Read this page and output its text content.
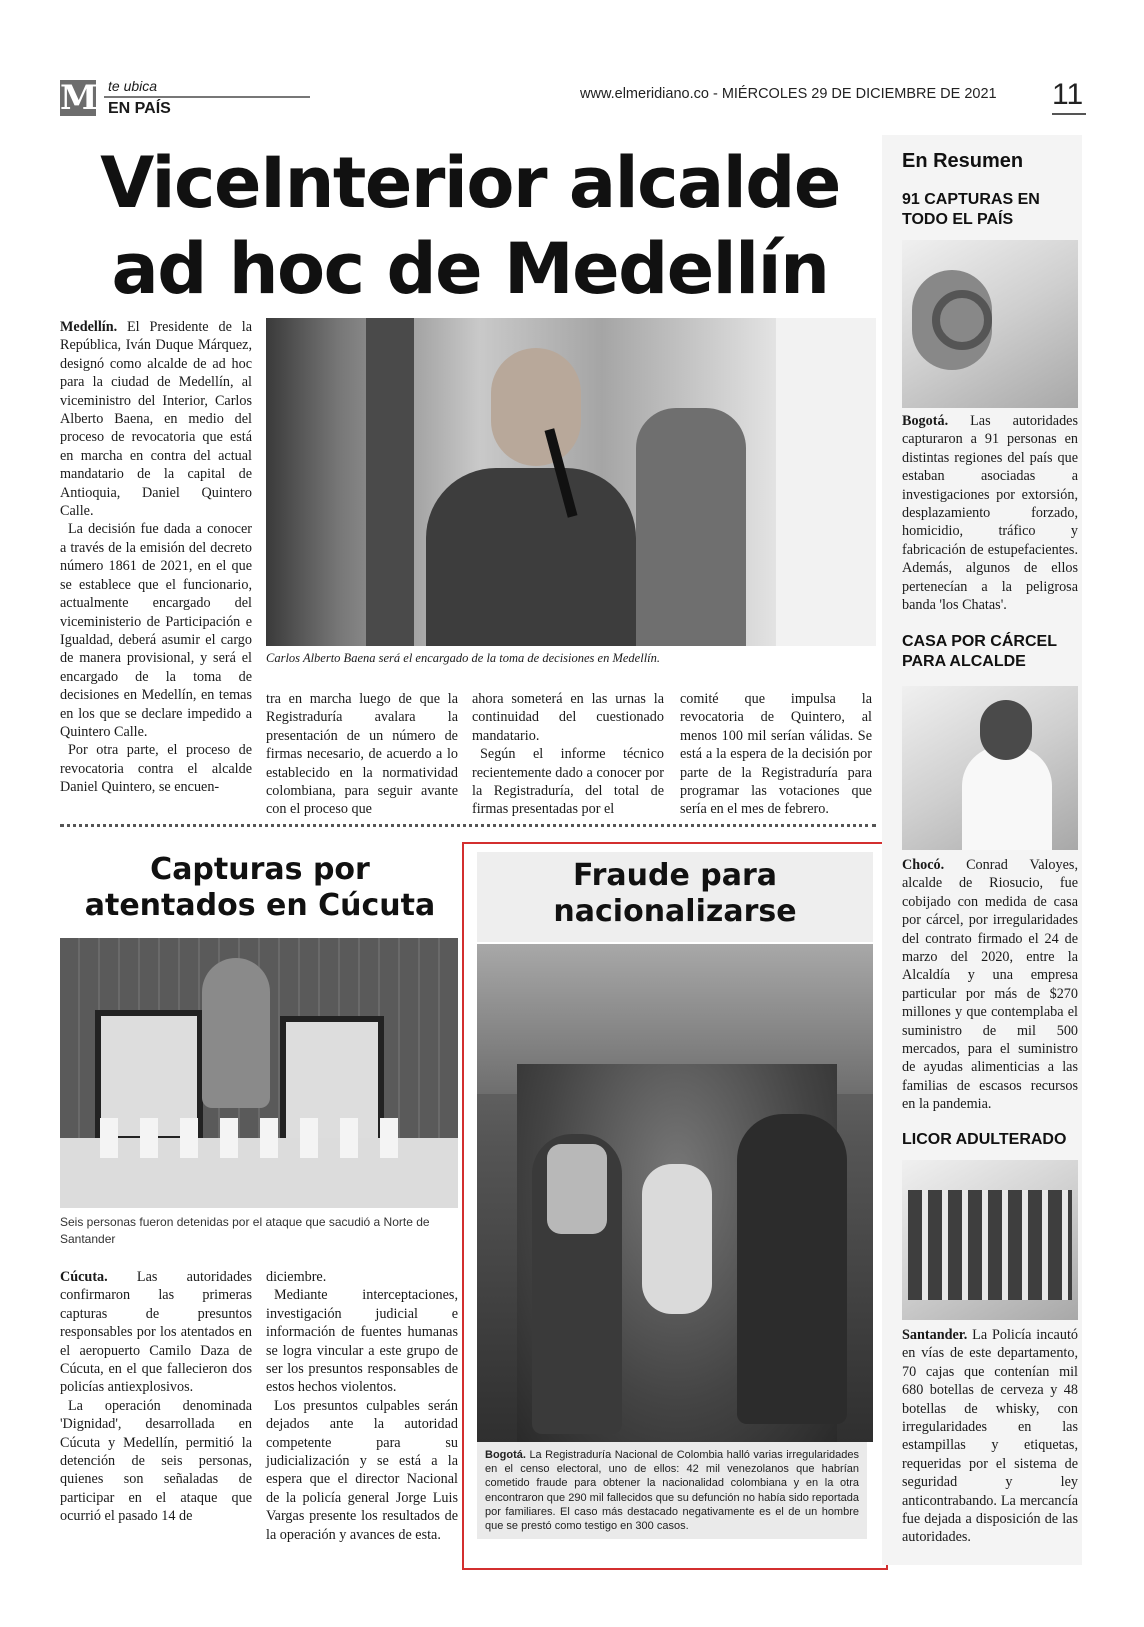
M te ubica
EN PAÍS
www.elmeridiano.co - MIÉRCOLES 29 DE DICIEMBRE DE 2021	11
ViceInterior alcalde
ad hoc de Medellín

Medellín. El Presidente de la República, Iván Duque Márquez, designó como alcalde de ad hoc para la ciudad de Medellín, al viceministro del Interior, Carlos Alberto Baena, en medio del proceso de revocatoria que está en marcha en contra del actual mandatario de la capital de Antioquia, Daniel Quintero Calle.

La decisión fue dada a conocer a través de la emisión del decreto número 1861 de 2021, en el que se establece que el funcionario, actualmente encargado del viceministerio de Participación e Igualdad, deberá asumir el cargo de manera provisional, y será el encargado de la toma de decisiones en Medellín, en temas en los que se declare impedido a Quintero Calle.

Por otra parte, el proceso de revocatoria contra el alcalde Daniel Quintero, se encuen-

Carlos Alberto Baena será el encargado de la toma de decisiones en Medellín.

tra en marcha luego de que la Registraduría avalara la presentación de un número de firmas necesario, de acuerdo a lo establecido en la normatividad colombiana, para seguir avante con el proceso que

ahora someterá en las urnas la continuidad del cuestionado mandatario.

Según el informe técnico recientemente dado a conocer por la Registraduría, del total de firmas presentadas por el

comité que impulsa la revocatoria de Quintero, al menos 100 mil serían válidas. Se está a la espera de la decisión por parte de la Registraduría para programar las votaciones que sería en el mes de febrero.

Capturas por
atentados en Cúcuta
Seis personas fueron detenidas por el ataque que sacudió a Norte de Santander

Cúcuta. Las autoridades confirmaron las primeras capturas de presuntos responsables por los atentados en el aeropuerto Camilo Daza de Cúcuta, en el que fallecieron dos policías antiexplosivos.

La operación denominada 'Dignidad', desarrollada en Cúcuta y Medellín, permitió la detención de seis personas, quienes son señaladas de participar en el ataque que ocurrió el pasado 14 de

diciembre.

Mediante interceptaciones, investigación judicial e información de fuentes humanas se logra vincular a este grupo de ser los presuntos responsables de estos hechos violentos.

Los presuntos culpables serán dejados ante la autoridad competente para su judicialización y se está a la espera que el director Nacional de la policía general Jorge Luis Vargas presente los resultados de la operación y avances de esta.

Fraude para
nacionalizarse
Bogotá. La Registraduría Nacional de Colombia halló varias irregularidades en el censo electoral, uno de ellos: 42 mil venezolanos que habrían cometido fraude para obtener la nacionalidad colombiana y en la otra encontraron que 290 mil fallecidos que su defunción no había sido reportada por familiares. El caso más destacado negativamente es el de un hombre que se prestó como testigo en 300 casos.
En Resumen
91 CAPTURAS EN
TODO EL PAÍS
Bogotá. Las autoridades capturaron a 91 personas en distintas regiones del país que estaban asociadas a investigaciones por extorsión, desplazamiento forzado, homicidio, tráfico y fabricación de estupefacientes. Además, algunos de ellos pertenecían a la peligrosa banda 'los Chatas'.
CASA POR CÁRCEL
PARA ALCALDE
Chocó. Conrad Valoyes, alcalde de Riosucio, fue cobijado con medida de casa por cárcel, por irregularidades del contrato firmado el 24 de marzo del 2020, entre la Alcaldía y una empresa particular por más de $270 millones y que contemplaba el suministro de mil 500 mercados, para el suministro de ayudas alimenticias a las familias de escasos recursos en la pandemia.
LICOR ADULTERADO
Santander. La Policía incautó en vías de este departamento, 70 cajas que contenían mil 680 botellas de cerveza y 48 botellas de whisky, con irregularidades en las estampillas y etiquetas, requeridas por el sistema de seguridad y ley anticontrabando. La mercancía fue dejada a disposición de las autoridades.
